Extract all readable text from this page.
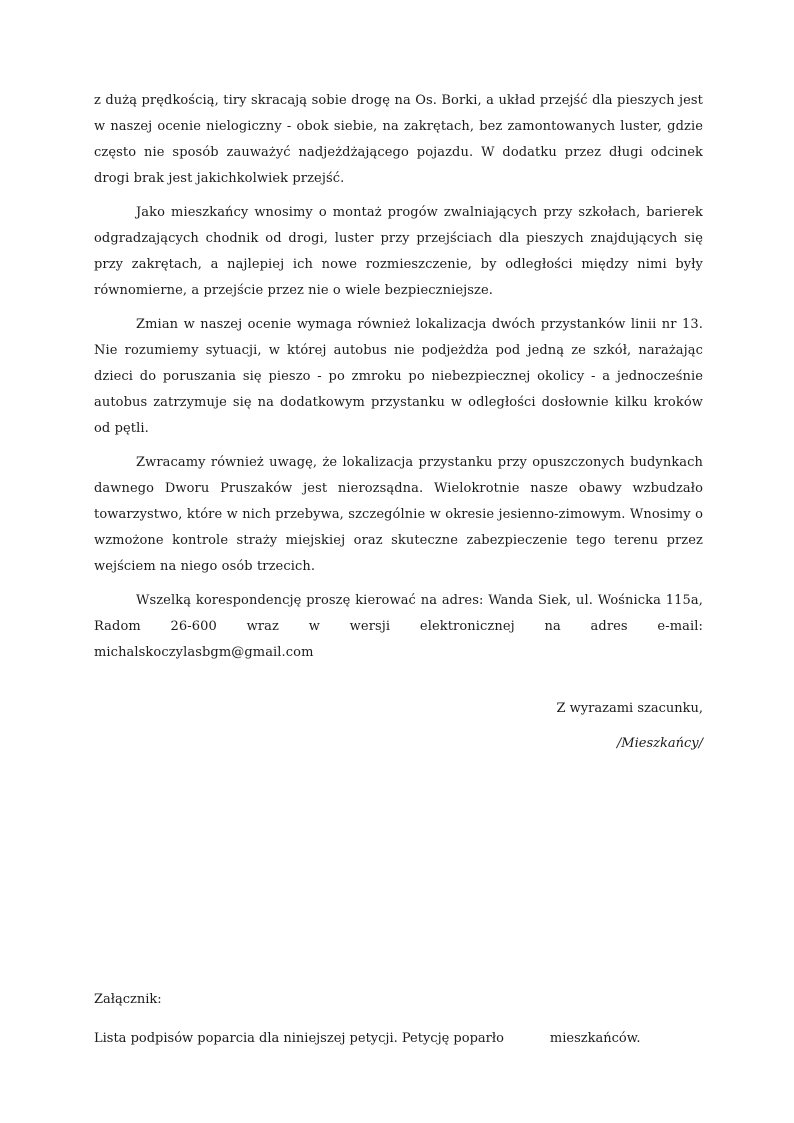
z dużą prędkością, tiry skracają sobie drogę na Os. Borki, a układ przejść dla pieszych jest w naszej ocenie nielogiczny - obok siebie, na zakrętach, bez zamontowanych luster, gdzie często nie sposób zauważyć nadjeżdżającego pojazdu. W dodatku przez długi odcinek drogi brak jest jakichkolwiek przejść.

Jako mieszkańcy wnosimy o montaż progów zwalniających przy szkołach, barierek odgradzających chodnik od drogi, luster przy przejściach dla pieszych znajdujących się przy zakrętach, a najlepiej ich nowe rozmieszczenie, by odległości między nimi były równomierne, a przejście przez nie o wiele bezpieczniejsze.

Zmian w naszej ocenie wymaga również lokalizacja dwóch przystanków linii nr 13. Nie rozumiemy sytuacji, w której autobus nie podjeżdża pod jedną ze szkół, narażając dzieci do poruszania się pieszo - po zmroku po niebezpiecznej okolicy - a jednocześnie autobus zatrzymuje się na dodatkowym przystanku w odległości dosłownie kilku kroków od pętli.

Zwracamy również uwagę, że lokalizacja przystanku przy opuszczonych budynkach dawnego Dworu Pruszaków jest nierozsądna. Wielokrotnie nasze obawy wzbudzało towarzystwo, które w nich przebywa, szczególnie w okresie jesienno-zimowym. Wnosimy o wzmożone kontrole straży miejskiej oraz skuteczne zabezpieczenie tego terenu przez wejściem na niego osób trzecich.

Wszelką korespondencję proszę kierować na adres: Wanda Siek, ul. Wośnicka 115a, Radom 26-600 wraz w wersji elektronicznej na adres e-mail: michalskoczylasbgm@gmail.com

Z wyrazami szacunku,

/Mieszkańcy/

Załącznik:

Lista podpisów poparcia dla niniejszej petycji. Petycję poparło	mieszkańców.
